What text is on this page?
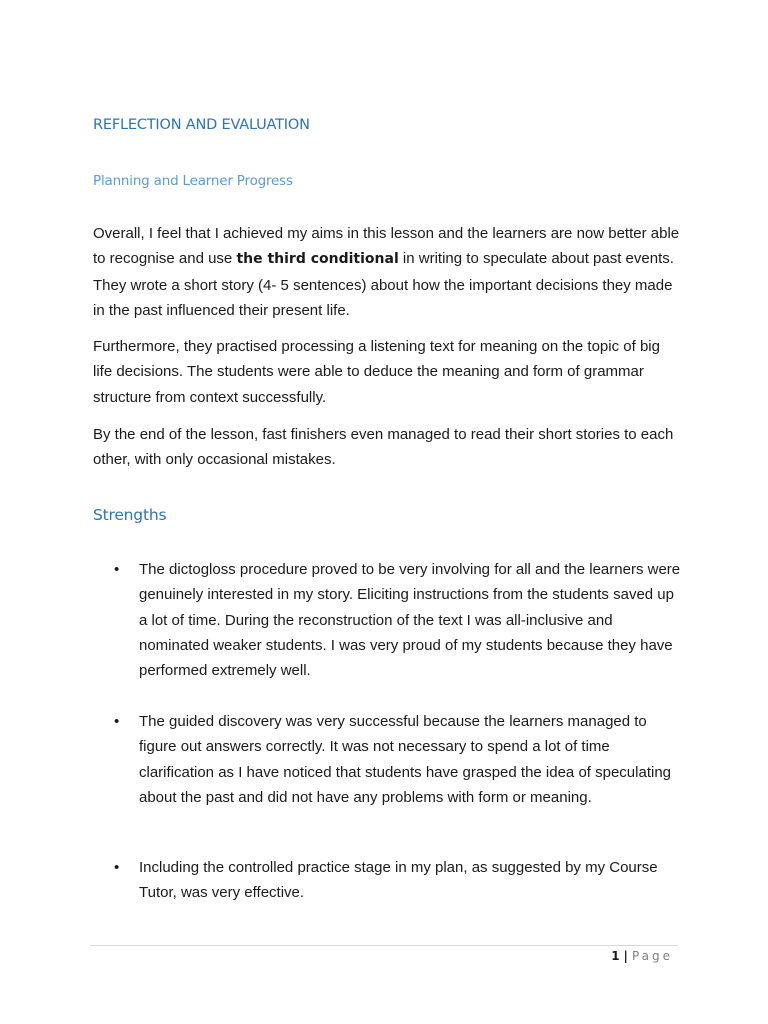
REFLECTION AND EVALUATION
Planning and Learner Progress

Overall, I feel that I achieved my aims in this lesson and the learners are now better able to recognise and use the third conditional in writing to speculate about past events. They wrote a short story (4- 5 sentences) about how the important decisions they made in the past influenced their present life.

Furthermore, they practised processing a listening text for meaning on the topic of big life decisions. The students were able to deduce the meaning and form of grammar structure from context successfully.

By the end of the lesson, fast finishers even managed to read their short stories to each other, with only occasional mistakes.

Strengths
• The dictogloss procedure proved to be very involving for all and the learners were genuinely interested in my story. Eliciting instructions from the students saved up a lot of time. During the reconstruction of the text I was all-inclusive and nominated weaker students. I was very proud of my students because they have performed extremely well.

• The guided discovery was very successful because the learners managed to figure out answers correctly. It was not necessary to spend a lot of time clarification as I have noticed that students have grasped the idea of speculating about the past and did not have any problems with form or meaning.

• Including the controlled practice stage in my plan, as suggested by my Course Tutor, was very effective.

1 | Page
